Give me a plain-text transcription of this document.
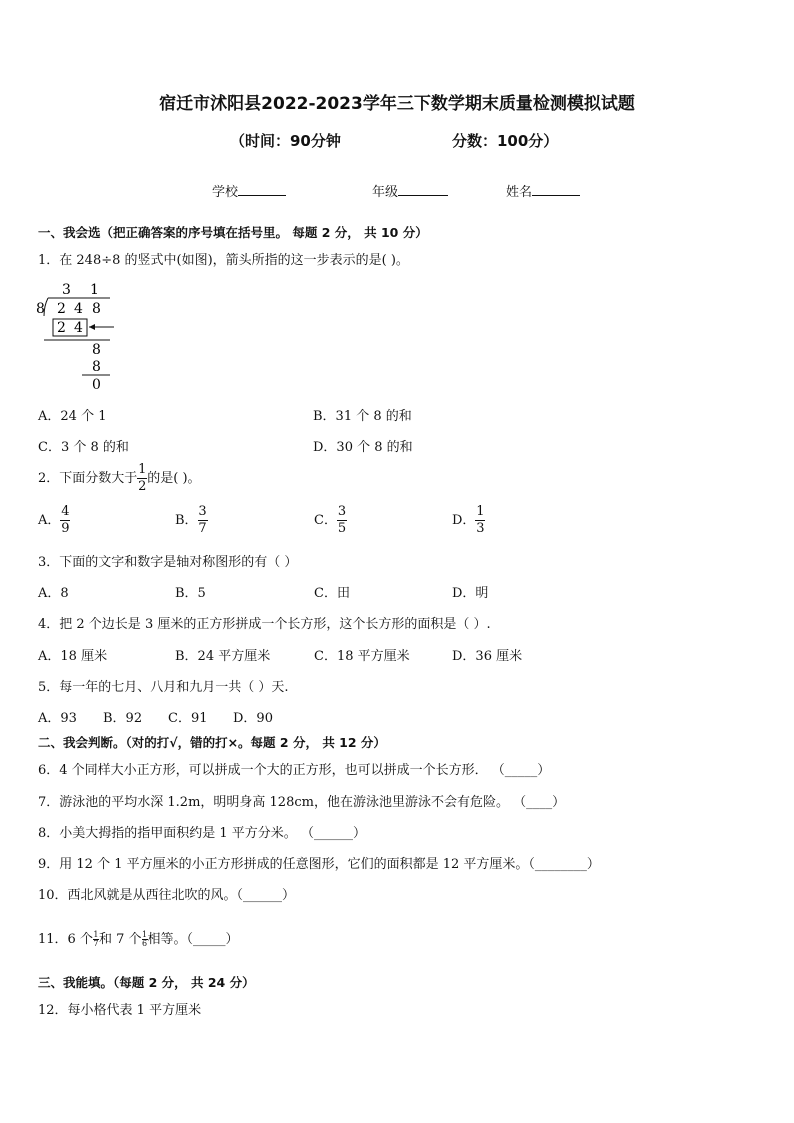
宿迁市沭阳县2022-2023学年三下数学期末质量检测模拟试题
（时间：90分钟	分数：100分）
学校	年级	姓名
一、我会选（把正确答案的序号填在括号里。 每题 2 分， 共 10 分）
1．在 248÷8 的竖式中(如图)，箭头所指的这一步表示的是( )。
3 1
8 2 4 8
2 4
8
8
0
A．24 个 1	B．31 个 8 的和
C．3 个 8 的和	D．30 个 8 的和
2．下面分数大于 $\frac{1}{2}$ 的是( )。
A． $\frac{4}{9}$	B． $\frac{3}{7}$	C． $\frac{3}{5}$	D． $\frac{1}{3}$
3．下面的文字和数字是轴对称图形的有（ ）
A．8	B．5	C．田	D．明
4．把 2 个边长是 3 厘米的正方形拼成一个长方形，这个长方形的面积是（ ）.
A．18 厘米	B．24 平方厘米	C．18 平方厘米	D．36 厘米
5．每一年的七月、八月和九月一共（ ）天.
A．93 B．92 C．91 D．90
二、我会判断。（对的打√，错的打×。每题 2 分， 共 12 分）
6．4 个同样大小正方形，可以拼成一个大的正方形，也可以拼成一个长方形． （_____）
7．游泳池的平均水深 1.2m，明明身高 128cm，他在游泳池里游泳不会有危险。 （____）
8．小美大拇指的指甲面积约是 1 平方分米。 （______）
9．用 12 个 1 平方厘米的小正方形拼成的任意图形，它们的面积都是 12 平方厘米。（________）
10．西北风就是从西往北吹的风。（______）
11．6 个 $\frac{1}{7}$ 和 7 个 $\frac{1}{6}$ 相等。（_____）
三、我能填。（每题 2 分， 共 24 分）
12．每小格代表 1 平方厘米
